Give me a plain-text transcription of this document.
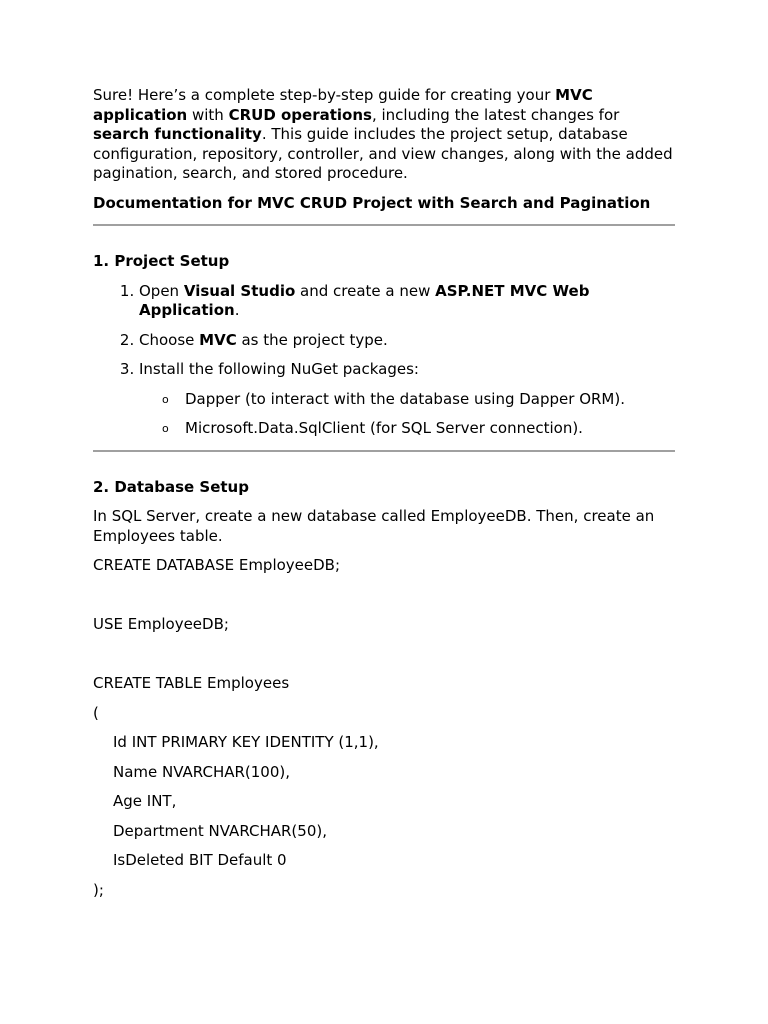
Sure! Here’s a complete step-by-step guide for creating your MVC application with CRUD operations, including the latest changes for search functionality. This guide includes the project setup, database configuration, repository, controller, and view changes, along with the added pagination, search, and stored procedure.

Documentation for MVC CRUD Project with Search and Pagination

1. Project Setup

1. Open Visual Studio and create a new ASP.NET MVC Web Application.
2. Choose MVC as the project type.
3. Install the following NuGet packages:
o Dapper (to interact with the database using Dapper ORM).
o Microsoft.Data.SqlClient (for SQL Server connection).

2. Database Setup

In SQL Server, create a new database called EmployeeDB. Then, create an Employees table.

CREATE DATABASE EmployeeDB;

USE EmployeeDB;

CREATE TABLE Employees

(

Id INT PRIMARY KEY IDENTITY (1,1),

Name NVARCHAR(100),

Age INT,

Department NVARCHAR(50),

IsDeleted BIT Default 0

);
